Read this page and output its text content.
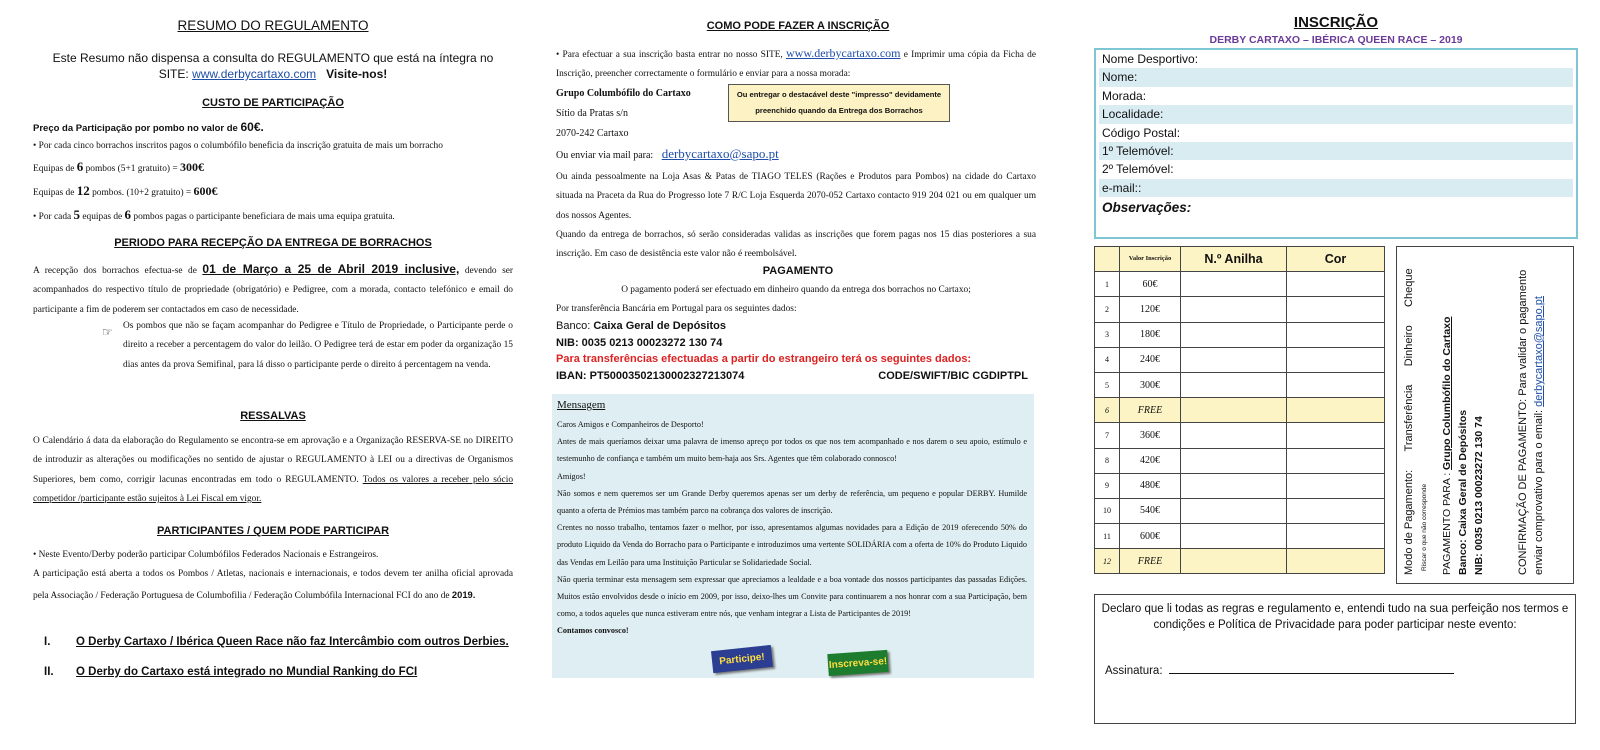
RESUMO DO REGULAMENTO
Este Resumo não dispensa a consulta do REGULAMENTO que está na íntegra no
SITE: www.derbycartaxo.com Visite-nos!
CUSTO DE PARTICIPAÇÃO
Preço da Participação por pombo no valor de 60€.
• Por cada cinco borrachos inscritos pagos o columbófilo beneficia da inscrição gratuita de mais um borracho
Equipas de 6 pombos (5+1 gratuito) = 300€
Equipas de 12 pombos. (10+2 gratuito) = 600€
• Por cada 5 equipas de 6 pombos pagas o participante beneficiara de mais uma equipa gratuita.
PERIODO PARA RECEPÇÃO DA ENTREGA DE BORRACHOS
A recepção dos borrachos efectua-se de 01 de Março a 25 de Abril 2019 inclusive, devendo ser acompanhados do respectivo título de propriedade (obrigatório) e Pedigree, com a morada, contacto telefónico e email do participante a fim de poderem ser contactados em caso de necessidade.
☞ Os pombos que não se façam acompanhar do Pedigree e Título de Propriedade, o Participante perde o direito a receber a percentagem do valor do leilão. O Pedigree terá de estar em poder da organização 15 dias antes da prova Semifinal, para lá disso o participante perde o direito á percentagem na venda.
RESSALVAS
O Calendário á data da elaboração do Regulamento se encontra-se em aprovação e a Organização RESERVA-SE no DIREITO de introduzir as alterações ou modificações no sentido de ajustar o REGULAMENTO à LEI ou a directivas de Organismos Superiores, bem como, corrigir lacunas encontradas em todo o REGULAMENTO. Todos os valores a receber pelo sócio competidor /participante estão sujeitos à Lei Fiscal em vigor.
PARTICIPANTES / QUEM PODE PARTICIPAR
• Neste Evento/Derby poderão participar Columbófilos Federados Nacionais e Estrangeiros.
A participação está aberta a todos os Pombos / Atletas, nacionais e internacionais, e todos devem ter anilha oficial aprovada pela Associação / Federação Portuguesa de Columbofilia / Federação Columbófila Internacional FCI do ano de 2019.
I. O Derby Cartaxo / Ibérica Queen Race não faz Intercâmbio com outros Derbies.
II. O Derby do Cartaxo está integrado no Mundial Ranking do FCI
COMO PODE FAZER A INSCRIÇÃO
• Para efectuar a sua inscrição basta entrar no nosso SITE, www.derbycartaxo.com e Imprimir uma cópia da Ficha de Inscrição, preencher correctamente o formulário e enviar para a nossa morada:
Grupo Columbófilo do Cartaxo
Sítio da Pratas s/n
2070-242 Cartaxo
Ou entregar o destacável deste "impresso" devidamente preenchido quando da Entrega dos Borrachos
Ou enviar via mail para: derbycartaxo@sapo.pt
Ou ainda pessoalmente na Loja Asas & Patas de TIAGO TELES (Rações e Produtos para Pombos) na cidade do Cartaxo situada na Praceta da Rua do Progresso lote 7 R/C Loja Esquerda 2070-052 Cartaxo contacto 919 204 021 ou em qualquer um dos nossos Agentes.
Quando da entrega de borrachos, só serão consideradas validas as inscrições que forem pagas nos 15 dias posteriores a sua inscrição. Em caso de desistência este valor não é reembolsável.
PAGAMENTO
O pagamento poderá ser efectuado em dinheiro quando da entrega dos borrachos no Cartaxo;
Por transferência Bancária em Portugal para os seguintes dados:
Banco: Caixa Geral de Depósitos
NIB: 0035 0213 00023272 130 74
Para transferências efectuadas a partir do estrangeiro terá os seguintes dados:
IBAN: PT50003502130002327213074	CODE/SWIFT/BIC CGDIPTPL
Mensagem
Caros Amigos e Companheiros de Desporto!
Antes de mais queríamos deixar uma palavra de imenso apreço por todos os que nos tem acompanhado e nos darem o seu apoio, estímulo e testemunho de confiança e também um muito bem-haja aos Srs. Agentes que têm colaborado connosco!
Amigos!
Não somos e nem queremos ser um Grande Derby queremos apenas ser um derby de referência, um pequeno e popular DERBY. Humilde quanto a oferta de Prémios mas também parco na cobrança dos valores de inscrição.
Crentes no nosso trabalho, tentamos fazer o melhor, por isso, apresentamos algumas novidades para a Edição de 2019 oferecendo 50% do produto Liquido da Venda do Borracho para o Participante e introduzimos uma vertente SOLIDÁRIA com a oferta de 10% do Produto Liquido das Vendas em Leilão para uma Instituição Particular se Solidariedade Social.
Não queria terminar esta mensagem sem expressar que apreciamos a lealdade e a boa vontade dos nossos participantes das passadas Edições. Muitos estão envolvidos desde o início em 2009, por isso, deixo-lhes um Convite para continuarem a nos honrar com a sua Participação, bem como, a todos aqueles que nunca estiveram entre nós, que venham integrar a Lista de Participantes de 2019!
Contamos convosco!
Participe!	Inscreva-se!
INSCRIÇÃO
DERBY CARTAXO – IBÉRICA QUEEN RACE – 2019
Nome Desportivo:
Nome:
Morada:
Localidade:
Código Postal:
1º Telemóvel:
2º Telemóvel:
e-mail::
Observações:
	Valor Inscrição	N.º Anilha	Cor
1	60€		
2	120€		
3	180€		
4	240€		
5	300€		
6	FREE		
7	360€		
8	420€		
9	480€		
10	540€		
11	600€		
12	FREE			Modo de Pagamento:      Transferência      Dinheiro      Cheque
Riscar o que não corresponde PAGAMENTO PARA : Grupo Columbófilo do Cartaxo
Banco: Caixa Geral de Depósitos NIB: 0035 0213 00023272 130 74	CONFIRMAÇÃO DE PAGAMENTO: Para validar o pagamento enviar comprovativo para o email: derbycartaxo@sapo.pt
Declaro que li todas as regras e regulamento e, entendi tudo na sua perfeição nos termos e condições e Política de Privacidade para poder participar neste evento:
Assinatura:
